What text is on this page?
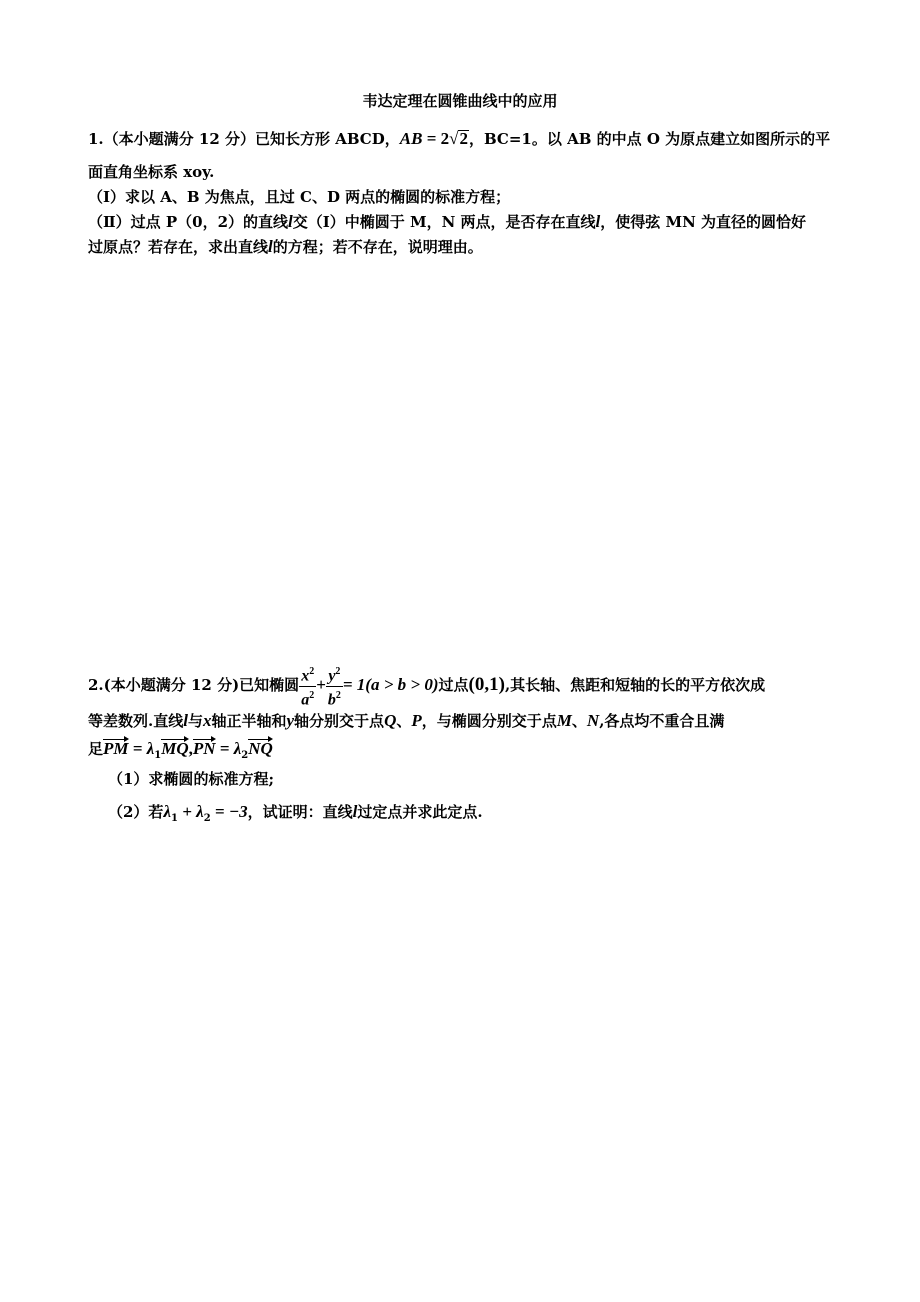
韦达定理在圆锥曲线中的应用
1.（本小题满分 12 分）已知长方形 ABCD，AB = 2√2，BC=1。以 AB 的中点 O 为原点建立如图所示的平
面直角坐标系 xoy.
（Ⅰ）求以 A、B 为焦点，且过 C、D 两点的椭圆的标准方程；
（Ⅱ）过点 P（0，2）的直线l交（Ⅰ）中椭圆于 M，N 两点，是否存在直线l，使得弦 MN 为直径的圆恰好
过原点？若存在，求出直线l的方程；若不存在，说明理由。
2.(本小题满分 12 分)已知椭圆 $\frac{x^2}{a^2} + \frac{y^2}{b^2} = 1(a > b > 0)$过点(0,1),其长轴、焦距和短轴的长的平方依次成
等差数列.直线l与x轴正半轴和y轴分别交于点Q、P，与椭圆分别交于点M、N,各点均不重合且满
足PM = $\lambda_1MQ,PN = \lambda_2NQ$
（1）求椭圆的标准方程;
（2）若$\lambda_1 + \lambda_2 = -3$，试证明：直线l过定点并求此定点.
